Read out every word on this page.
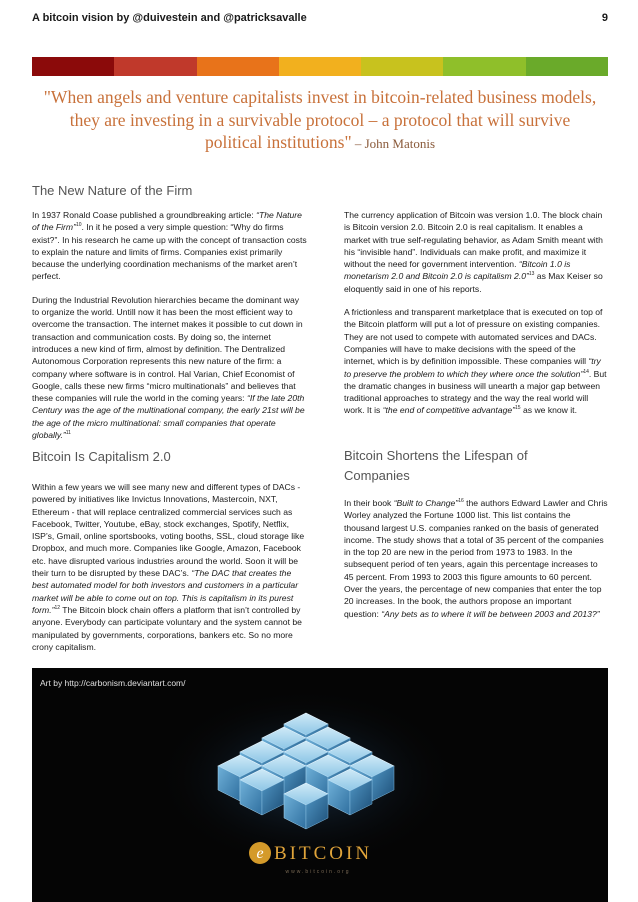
A bitcoin vision by @duivestein and @patricksavalle	9
"When angels and venture capitalists invest in bitcoin-related business models, they are investing in a survivable protocol – a protocol that will survive political institutions" – John Matonis
The New Nature of the Firm

In 1937 Ronald Coase published a groundbreaking article: “The Nature of the Firm”$^{10}$. In it he posed a very simple question: “Why do firms exist?”. In his research he came up with the concept of transaction costs to explain the nature and limits of firms. Companies exist primarily because the underlying coordination mechanisms of the market aren’t perfect.

During the Industrial Revolution hierarchies became the dominant way to organize the world. Untill now it has been the most efficient way to overcome the transaction. The internet makes it possible to cut down in transaction and communication costs. By doing so, the internet introduces a new kind of firm, almost by definition. The Dentralized Autonomous Corporation represents this new nature of the firm: a company where software is in control. Hal Varian, Chief Economist of Google, calls these new firms “micro multinationals” and believes that these companies will rule the world in the coming years: “If the late 20th Century was the age of the multinational company, the early 21st will be the age of the micro multinational: small companies that operate globally.”$^{11}$

Bitcoin Is Capitalism 2.0

Within a few years we will see many new and different types of DACs - powered by initiatives like Invictus Innovations, Mastercoin, NXT, Ethereum - that will replace centralized commercial services such as Facebook, Twitter, Youtube, eBay, stock exchanges, Spotify, Netflix, ISP’s, Gmail, online sportsbooks, voting booths, SSL, cloud storage like Dropbox, and much more. Companies like Google, Amazon, Facebook etc. have disrupted various industries around the world. Soon it will be their turn to be disrupted by these DAC’s. “The DAC that creates the best automated model for both investors and customers in a particular market will be able to come out on top. This is capitalism in its purest form.”$^{12}$ The Bitcoin block chain offers a platform that isn’t controlled by anyone. Everybody can participate voluntary and the system cannot be manipulated by governments, corporations, bankers etc. So no more crony capitalism.

The currency application of Bitcoin was version 1.0. The block chain is Bitcoin version 2.0. Bitcoin 2.0 is real capitalism. It enables a market with true self-regulating behavior, as Adam Smith meant with his “invisible hand”. Individuals can make profit, and maximize it without the need for government intervention. “Bitcoin 1.0 is monetarism 2.0 and Bitcoin 2.0 is capitalism 2.0”$^{13}$ as Max Keiser so eloquently said in one of his reports.

A frictionless and transparent marketplace that is executed on top of the Bitcoin platform will put a lot of pressure on existing companies. They are not used to compete with automated services and DACs. Companies will have to make decisions with the speed of the internet, which is by definition impossible. These companies will “try to preserve the problem to which they where once the solution”$^{14}$. But the dramatic changes in business will unearth a major gap between traditional approaches to strategy and the way the real world will work. It is “the end of competitive advantage”$^{15}$ as we know it.

Bitcoin Shortens the Lifespan of Companies

In their book “Built to Change”$^{16}$ the authors Edward Lawler and Chris Worley analyzed the Fortune 1000 list. This list contains the thousand largest U.S. companies ranked on the basis of generated income. The study shows that a total of 35 percent of the companies in the top 20 are new in the period from 1973 to 1983. In the subsequent period of ten years, again this percentage increases to 45 percent. From 1993 to 2003 this figure amounts to 60 percent. Over the years, the percentage of new companies that enter the top 20 increases. In the book, the authors propose an important question: “Any bets as to where it will be between 2003 and 2013?”

e BITCOIN
www.bitcoin.org
Art by http://carbonism.deviantart.com/
